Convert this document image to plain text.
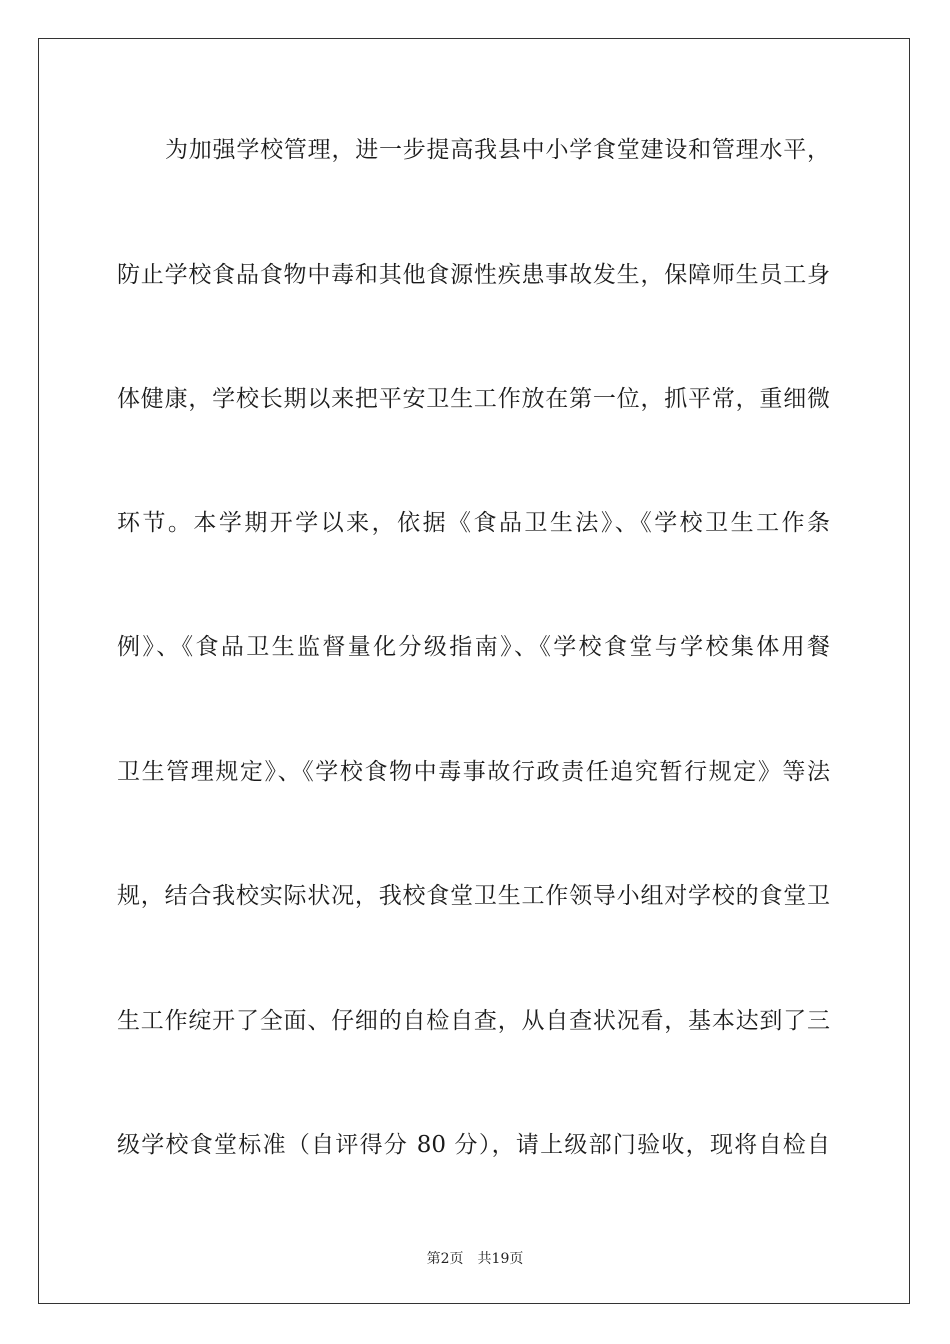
为加强学校管理，进一步提高我县中小学食堂建设和管理水平，
防止学校食品食物中毒和其他食源性疾患事故发生，保障师生员工身
体健康，学校长期以来把平安卫生工作放在第一位，抓平常，重细微
环节。本学期开学以来，依据《食品卫生法》、《学校卫生工作条
例》、《食品卫生监督量化分级指南》、《学校食堂与学校集体用餐
卫生管理规定》、《学校食物中毒事故行政责任追究暂行规定》等法
规，结合我校实际状况，我校食堂卫生工作领导小组对学校的食堂卫
生工作绽开了全面、仔细的自检自查，从自查状况看，基本达到了三
级学校食堂标准（自评得分 80 分），请上级部门验收，现将自检自
第2页 共19页
